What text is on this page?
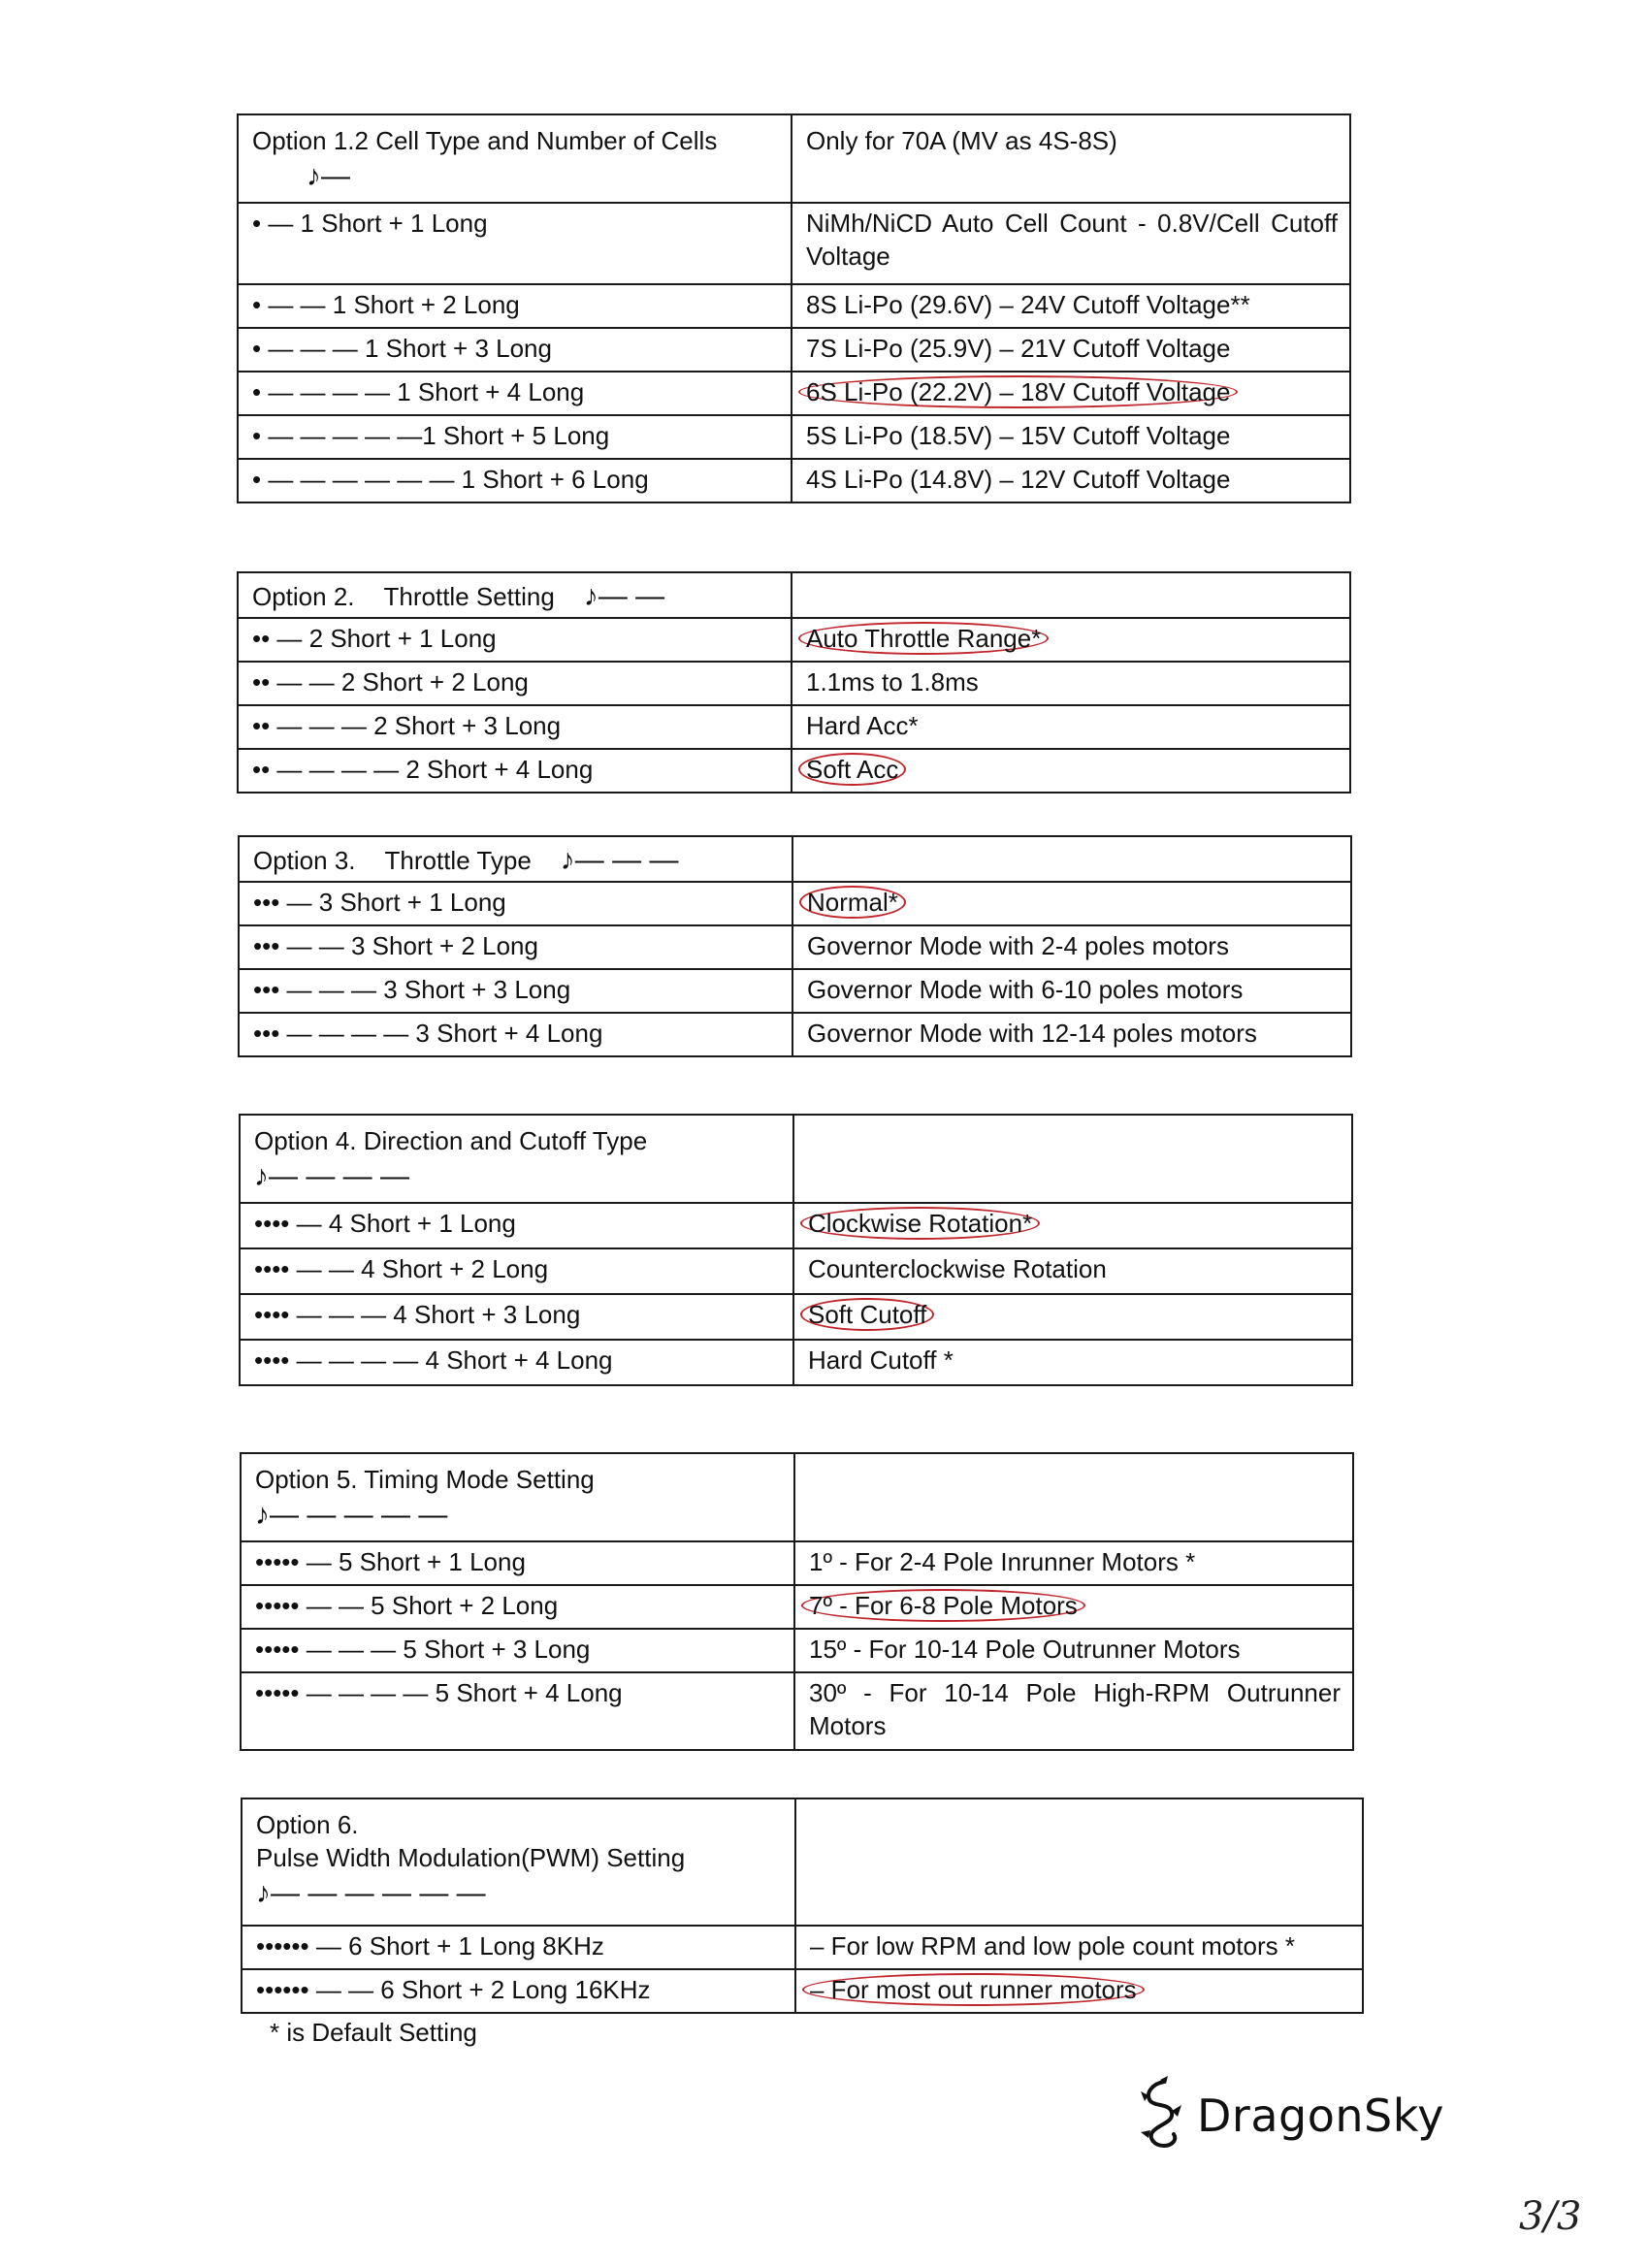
Option 1.2 Cell Type and Number of Cells
♪—	Only for 70A (MV as 4S-8S)
• — 1 Short + 1 Long	NiMh/NiCD Auto Cell Count - 0.8V/Cell Cutoff Voltage
• — — 1 Short + 2 Long	8S Li-Po (29.6V) – 24V Cutoff Voltage**
• — — — 1 Short + 3 Long	7S Li-Po (25.9V) – 21V Cutoff Voltage
• — — — — 1 Short + 4 Long	6S Li-Po (22.2V) – 18V Cutoff Voltage
• — — — — —1 Short + 5 Long	5S Li-Po (18.5V) – 15V Cutoff Voltage
• — — — — — — 1 Short + 6 Long	4S Li-Po (14.8V) – 12V Cutoff Voltage
Option 2. Throttle Setting ♪— —	
•• — 2 Short + 1 Long	Auto Throttle Range*
•• — — 2 Short + 2 Long	1.1ms to 1.8ms
•• — — — 2 Short + 3 Long	Hard Acc*
•• — — — — 2 Short + 4 Long	Soft Acc
Option 3. Throttle Type ♪— — —	
••• — 3 Short + 1 Long	Normal*
••• — — 3 Short + 2 Long	Governor Mode with 2-4 poles motors
••• — — — 3 Short + 3 Long	Governor Mode with 6-10 poles motors
••• — — — — 3 Short + 4 Long	Governor Mode with 12-14 poles motors
Option 4. Direction and Cutoff Type
♪— — — —	

•••• — 4 Short + 1 Long	Clockwise Rotation*
•••• — — 4 Short + 2 Long	Counterclockwise Rotation
•••• — — — 4 Short + 3 Long	Soft Cutoff
•••• — — — — 4 Short + 4 Long	Hard Cutoff *
Option 5. Timing Mode Setting
♪— — — — —	

••••• — 5 Short + 1 Long	1º - For 2-4 Pole Inrunner Motors *
••••• — — 5 Short + 2 Long	7º - For 6-8 Pole Motors
••••• — — — 5 Short + 3 Long	15º - For 10-14 Pole Outrunner Motors
••••• — — — — 5 Short + 4 Long	30º - For 10-14 Pole High-RPM Outrunner Motors
Option 6.
Pulse Width Modulation(PWM) Setting
♪— — — — — —	

•••••• — 6 Short + 1 Long 8KHz	– For low RPM and low pole count motors *
•••••• — — 6 Short + 2 Long 16KHz	– For most out runner motors
* is Default Setting
DragonSky
3/3
